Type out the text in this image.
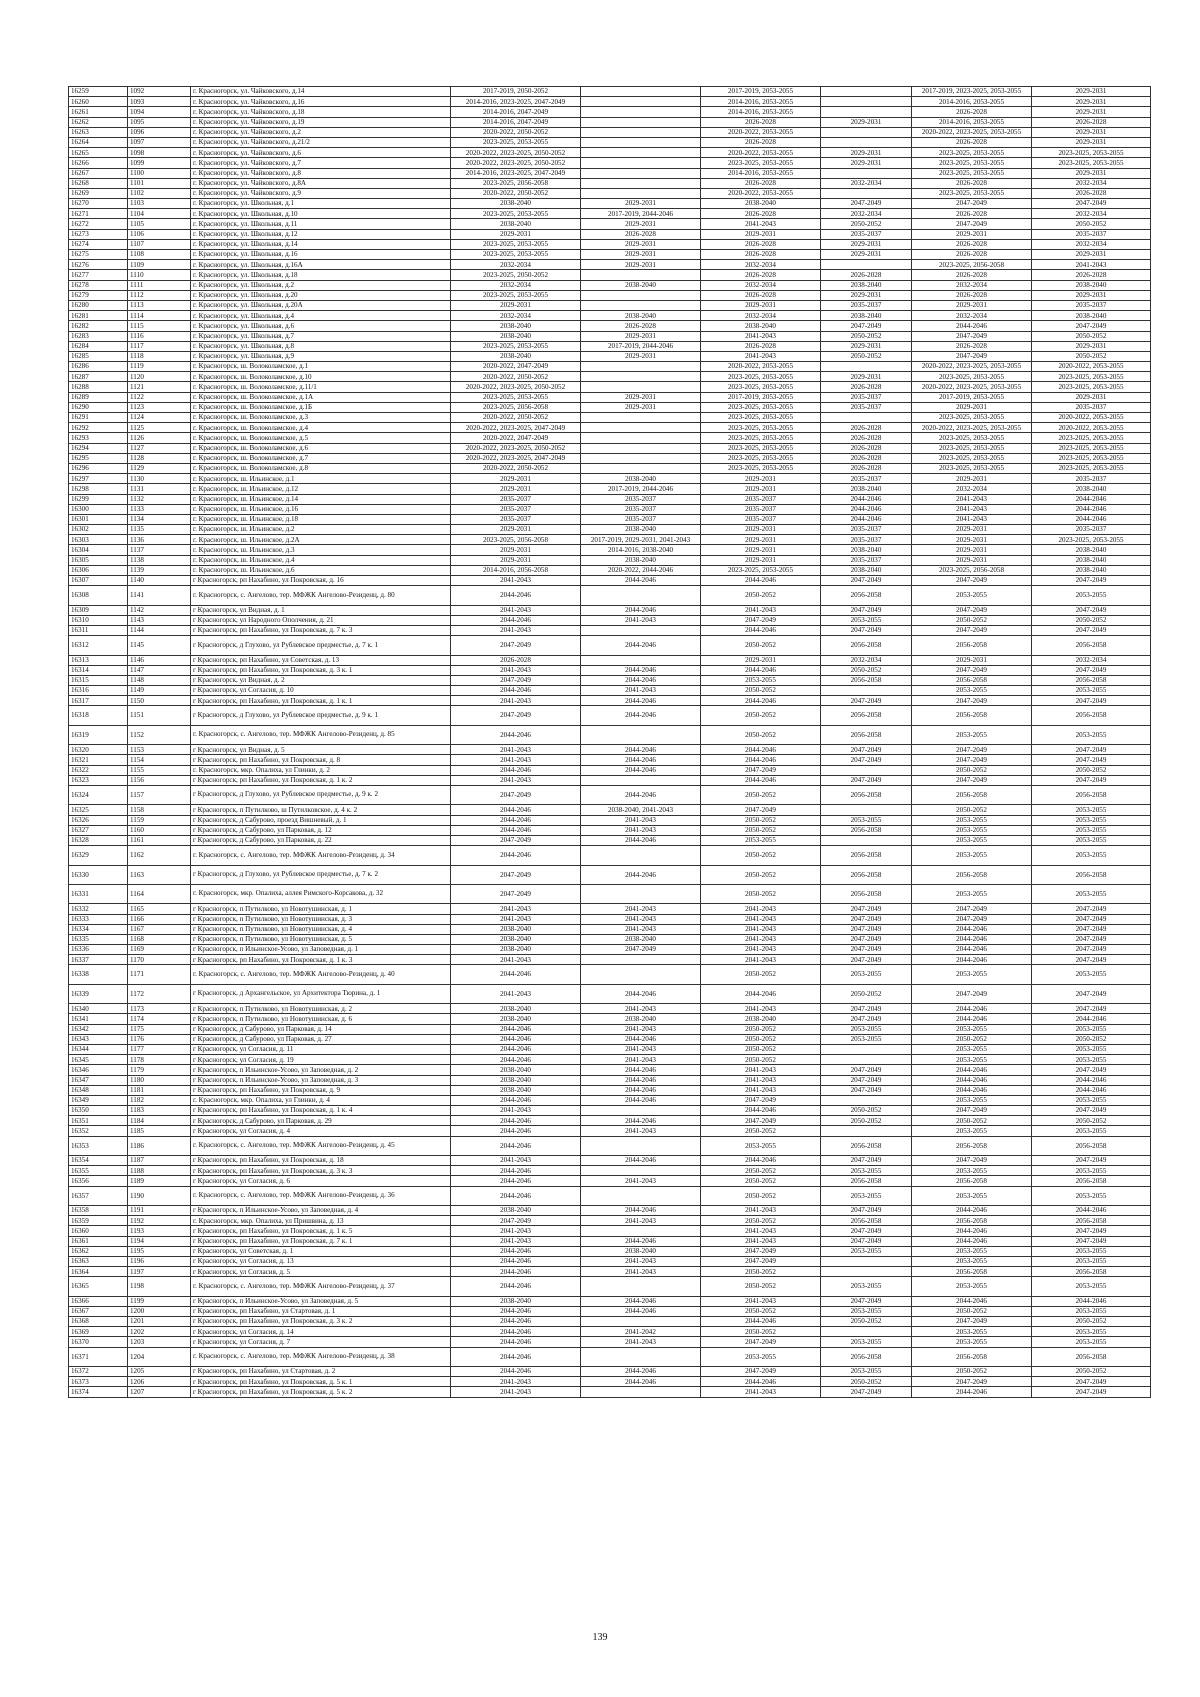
16259	1092	г. Красногорск, ул. Чайковского, д.14	2017-2019, 2050-2052		2017-2019, 2053-2055		2017-2019, 2023-2025, 2053-2055	2029-2031
16260	1093	г. Красногорск, ул. Чайковского, д.16	2014-2016, 2023-2025, 2047-2049		2014-2016, 2053-2055		2014-2016, 2053-2055	2029-2031
16261	1094	г. Красногорск, ул. Чайковского, д.18	2014-2016, 2047-2049		2014-2016, 2053-2055		2026-2028	2029-2031
16262	1095	г. Красногорск, ул. Чайковского, д.19	2014-2016, 2047-2049		2026-2028	2029-2031	2014-2016, 2053-2055	2026-2028
16263	1096	г. Красногорск, ул. Чайковского, д.2	2020-2022, 2050-2052		2020-2022, 2053-2055		2020-2022, 2023-2025, 2053-2055	2029-2031
16264	1097	г. Красногорск, ул. Чайковского, д.21/2	2023-2025, 2053-2055		2026-2028		2026-2028	2029-2031
16265	1098	г. Красногорск, ул. Чайковского, д.6	2020-2022, 2023-2025, 2050-2052		2020-2022, 2053-2055	2029-2031	2023-2025, 2053-2055	2023-2025, 2053-2055
16266	1099	г. Красногорск, ул. Чайковского, д.7	2020-2022, 2023-2025, 2050-2052		2023-2025, 2053-2055	2029-2031	2023-2025, 2053-2055	2023-2025, 2053-2055
16267	1100	г. Красногорск, ул. Чайковского, д.8	2014-2016, 2023-2025, 2047-2049		2014-2016, 2053-2055		2023-2025, 2053-2055	2029-2031
16268	1101	г. Красногорск, ул. Чайковского, д.8А	2023-2025, 2056-2058		2026-2028	2032-2034	2026-2028	2032-2034
16269	1102	г. Красногорск, ул. Чайковского, д.9	2020-2022, 2050-2052		2020-2022, 2053-2055		2023-2025, 2053-2055	2026-2028
16270	1103	г. Красногорск, ул. Школьная, д.1	2038-2040	2029-2031	2038-2040	2047-2049	2047-2049	2047-2049
16271	1104	г. Красногорск, ул. Школьная, д.10	2023-2025, 2053-2055	2017-2019, 2044-2046	2026-2028	2032-2034	2026-2028	2032-2034
16272	1105	г. Красногорск, ул. Школьная, д.11	2038-2040	2029-2031	2041-2043	2050-2052	2047-2049	2050-2052
16273	1106	г. Красногорск, ул. Школьная, д.12	2029-2031	2026-2028	2029-2031	2035-2037	2029-2031	2035-2037
16274	1107	г. Красногорск, ул. Школьная, д.14	2023-2025, 2053-2055	2029-2031	2026-2028	2029-2031	2026-2028	2032-2034
16275	1108	г. Красногорск, ул. Школьная, д.16	2023-2025, 2053-2055	2029-2031	2026-2028	2029-2031	2026-2028	2029-2031
16276	1109	г. Красногорск, ул. Школьная, д.16А	2032-2034	2029-2031	2032-2034		2023-2025, 2056-2058	2041-2043
16277	1110	г. Красногорск, ул. Школьная, д.18	2023-2025, 2050-2052		2026-2028	2026-2028	2026-2028	2026-2028
16278	1111	г. Красногорск, ул. Школьная, д.2	2032-2034	2038-2040	2032-2034	2038-2040	2032-2034	2038-2040
16279	1112	г. Красногорск, ул. Школьная, д.20	2023-2025, 2053-2055		2026-2028	2029-2031	2026-2028	2029-2031
16280	1113	г. Красногорск, ул. Школьная, д.20А	2029-2031		2029-2031	2035-2037	2029-2031	2035-2037
16281	1114	г. Красногорск, ул. Школьная, д.4	2032-2034	2038-2040	2032-2034	2038-2040	2032-2034	2038-2040
16282	1115	г. Красногорск, ул. Школьная, д.6	2038-2040	2026-2028	2038-2040	2047-2049	2044-2046	2047-2049
16283	1116	г. Красногорск, ул. Школьная, д.7	2038-2040	2029-2031	2041-2043	2050-2052	2047-2049	2050-2052
16284	1117	г. Красногорск, ул. Школьная, д.8	2023-2025, 2053-2055	2017-2019, 2044-2046	2026-2028	2029-2031	2026-2028	2029-2031
16285	1118	г. Красногорск, ул. Школьная, д.9	2038-2040	2029-2031	2041-2043	2050-2052	2047-2049	2050-2052
16286	1119	г. Красногорск, ш. Волоколамское, д.1	2020-2022, 2047-2049		2020-2022, 2053-2055		2020-2022, 2023-2025, 2053-2055	2020-2022, 2053-2055
16287	1120	г. Красногорск, ш. Волоколамское, д.10	2020-2022, 2050-2052		2023-2025, 2053-2055	2029-2031	2023-2025, 2053-2055	2023-2025, 2053-2055
16288	1121	г. Красногорск, ш. Волоколамское, д.11/1	2020-2022, 2023-2025, 2050-2052		2023-2025, 2053-2055	2026-2028	2020-2022, 2023-2025, 2053-2055	2023-2025, 2053-2055
16289	1122	г. Красногорск, ш. Волоколамское, д.1А	2023-2025, 2053-2055	2029-2031	2017-2019, 2053-2055	2035-2037	2017-2019, 2053-2055	2029-2031
16290	1123	г. Красногорск, ш. Волоколамское, д.1Б	2023-2025, 2056-2058	2029-2031	2023-2025, 2053-2055	2035-2037	2029-2031	2035-2037
16291	1124	г. Красногорск, ш. Волоколамское, д.3	2020-2022, 2050-2052		2023-2025, 2053-2055		2023-2025, 2053-2055	2020-2022, 2053-2055
16292	1125	г. Красногорск, ш. Волоколамское, д.4	2020-2022, 2023-2025, 2047-2049		2023-2025, 2053-2055	2026-2028	2020-2022, 2023-2025, 2053-2055	2020-2022, 2053-2055
16293	1126	г. Красногорск, ш. Волоколамское, д.5	2020-2022, 2047-2049		2023-2025, 2053-2055	2026-2028	2023-2025, 2053-2055	2023-2025, 2053-2055
16294	1127	г. Красногорск, ш. Волоколамское, д.6	2020-2022, 2023-2025, 2050-2052		2023-2025, 2053-2055	2026-2028	2023-2025, 2053-2055	2023-2025, 2053-2055
16295	1128	г. Красногорск, ш. Волоколамское, д.7	2020-2022, 2023-2025, 2047-2049		2023-2025, 2053-2055	2026-2028	2023-2025, 2053-2055	2023-2025, 2053-2055
16296	1129	г. Красногорск, ш. Волоколамское, д.8	2020-2022, 2050-2052		2023-2025, 2053-2055	2026-2028	2023-2025, 2053-2055	2023-2025, 2053-2055
16297	1130	г. Красногорск, ш. Ильинское, д.1	2029-2031	2038-2040	2029-2031	2035-2037	2029-2031	2035-2037
16298	1131	г. Красногорск, ш. Ильинское, д.12	2029-2031	2017-2019, 2044-2046	2029-2031	2038-2040	2032-2034	2038-2040
16299	1132	г. Красногорск, ш. Ильинское, д.14	2035-2037	2035-2037	2035-2037	2044-2046	2041-2043	2044-2046
16300	1133	г. Красногорск, ш. Ильинское, д.16	2035-2037	2035-2037	2035-2037	2044-2046	2041-2043	2044-2046
16301	1134	г. Красногорск, ш. Ильинское, д.18	2035-2037	2035-2037	2035-2037	2044-2046	2041-2043	2044-2046
16302	1135	г. Красногорск, ш. Ильинское, д.2	2029-2031	2038-2040	2029-2031	2035-2037	2029-2031	2035-2037
16303	1136	г. Красногорск, ш. Ильинское, д.2А	2023-2025, 2056-2058	2017-2019, 2029-2031, 2041-2043	2029-2031	2035-2037	2029-2031	2023-2025, 2053-2055
16304	1137	г. Красногорск, ш. Ильинское, д.3	2029-2031	2014-2016, 2038-2040	2029-2031	2038-2040	2029-2031	2038-2040
16305	1138	г. Красногорск, ш. Ильинское, д.4	2029-2031	2038-2040	2029-2031	2035-2037	2029-2031	2038-2040
16306	1139	г. Красногорск, ш. Ильинское, д.6	2014-2016, 2056-2058	2020-2022, 2044-2046	2023-2025, 2053-2055	2038-2040	2023-2025, 2056-2058	2038-2040
16307	1140	г Красногорск, рп Нахабино, ул Покровская, д. 16	2041-2043	2044-2046	2044-2046	2047-2049	2047-2049	2047-2049
16308	1141	г. Красногорск, с. Ангелово, тер. МФЖК Ангелово-Резиденц, д. 80	2044-2046		2050-2052	2056-2058	2053-2055	2053-2055
16309	1142	г Красногорск, ул Видная, д. 1	2041-2043	2044-2046	2041-2043	2047-2049	2047-2049	2047-2049
16310	1143	г Красногорск, ул Народного Ополчения, д. 21	2044-2046	2041-2043	2047-2049	2053-2055	2050-2052	2050-2052
16311	1144	г Красногорск, рп Нахабино, ул Покровская, д. 7 к. 3	2041-2043		2044-2046	2047-2049	2047-2049	2047-2049
16312	1145	г Красногорск, д Глухово, ул Рублевское предместье, д. 7 к. 1	2047-2049	2044-2046	2050-2052	2056-2058	2056-2058	2056-2058
16313	1146	г Красногорск, рп Нахабино, ул Советская, д. 13	2026-2028		2029-2031	2032-2034	2029-2031	2032-2034
16314	1147	г Красногорск, рп Нахабино, ул Покровская, д. 3 к. 1	2041-2043	2044-2046	2044-2046	2050-2052	2047-2049	2047-2049
16315	1148	г Красногорск, ул Видная, д. 2	2047-2049	2044-2046	2053-2055	2056-2058	2056-2058	2056-2058
16316	1149	г Красногорск, ул Согласия, д. 10	2044-2046	2041-2043	2050-2052		2053-2055	2053-2055
16317	1150	г Красногорск, рп Нахабино, ул Покровская, д. 1 к. 1	2041-2043	2044-2046	2044-2046	2047-2049	2047-2049	2047-2049
16318	1151	г Красногорск, д Глухово, ул Рублевское предместье, д. 9 к. 1	2047-2049	2044-2046	2050-2052	2056-2058	2056-2058	2056-2058
16319	1152	г. Красногорск, с. Ангелово, тер. МФЖК Ангелово-Резиденц, д. 85	2044-2046		2050-2052	2056-2058	2053-2055	2053-2055
16320	1153	г Красногорск, ул Видная, д. 5	2041-2043	2044-2046	2044-2046	2047-2049	2047-2049	2047-2049
16321	1154	г Красногорск, рп Нахабино, ул Покровская, д. 8	2041-2043	2044-2046	2044-2046	2047-2049	2047-2049	2047-2049
16322	1155	г. Красногорск, мкр. Опалиха, ул Глинки, д. 2	2044-2046	2044-2046	2047-2049		2050-2052	2050-2052
16323	1156	г Красногорск, рп Нахабино, ул Покровская, д. 1 к. 2	2041-2043		2044-2046	2047-2049	2047-2049	2047-2049
16324	1157	г Красногорск, д Глухово, ул Рублевское предместье, д. 9 к. 2	2047-2049	2044-2046	2050-2052	2056-2058	2056-2058	2056-2058
16325	1158	г Красногорск, п Путилково, ш Путилковское, д. 4 к. 2	2044-2046	2038-2040, 2041-2043	2047-2049		2050-2052	2053-2055
16326	1159	г Красногорск, д Сабурово, проезд Вишневый, д. 1	2044-2046	2041-2043	2050-2052	2053-2055	2053-2055	2053-2055
16327	1160	г Красногорск, д Сабурово, ул Парковая, д. 12	2044-2046	2041-2043	2050-2052	2056-2058	2053-2055	2053-2055
16328	1161	г Красногорск, д Сабурово, ул Парковая, д. 22	2047-2049	2044-2046	2053-2055		2053-2055	2053-2055
16329	1162	г. Красногорск, с. Ангелово, тер. МФЖК Ангелово-Резиденц, д. 34	2044-2046		2050-2052	2056-2058	2053-2055	2053-2055
16330	1163	г Красногорск, д Глухово, ул Рублевское предместье, д. 7 к. 2	2047-2049	2044-2046	2050-2052	2056-2058	2056-2058	2056-2058
16331	1164	г. Красногорск, мкр. Опалиха, аллея Римского-Корсакова, д. 32	2047-2049		2050-2052	2056-2058	2053-2055	2053-2055
16332	1165	г Красногорск, п Путилково, ул Новотушинская, д. 1	2041-2043	2041-2043	2041-2043	2047-2049	2047-2049	2047-2049
16333	1166	г Красногорск, п Путилково, ул Новотушинская, д. 3	2041-2043	2041-2043	2041-2043	2047-2049	2047-2049	2047-2049
16334	1167	г Красногорск, п Путилково, ул Новотушинская, д. 4	2038-2040	2041-2043	2041-2043	2047-2049	2044-2046	2047-2049
16335	1168	г Красногорск, п Путилково, ул Новотушинская, д. 5	2038-2040	2038-2040	2041-2043	2047-2049	2044-2046	2047-2049
16336	1169	г Красногорск, п Ильинское-Усово, ул Заповедная, д. 1	2038-2040	2047-2049	2041-2043	2047-2049	2044-2046	2047-2049
16337	1170	г Красногорск, рп Нахабино, ул Покровская, д. 1 к. 3	2041-2043		2041-2043	2047-2049	2044-2046	2047-2049
16338	1171	г. Красногорск, с. Ангелово, тер. МФЖК Ангелово-Резиденц, д. 40	2044-2046		2050-2052	2053-2055	2053-2055	2053-2055
16339	1172	г Красногорск, д Архангельское, ул Архитектора Тюрина, д. 1	2041-2043	2044-2046	2044-2046	2050-2052	2047-2049	2047-2049
16340	1173	г Красногорск, п Путилково, ул Новотушинская, д. 2	2038-2040	2041-2043	2041-2043	2047-2049	2044-2046	2047-2049
16341	1174	г Красногорск, п Путилково, ул Новотушинская, д. 6	2038-2040	2038-2040	2038-2040	2047-2049	2044-2046	2044-2046
16342	1175	г Красногорск, д Сабурово, ул Парковая, д. 14	2044-2046	2041-2043	2050-2052	2053-2055	2053-2055	2053-2055
16343	1176	г Красногорск, д Сабурово, ул Парковая, д. 27	2044-2046	2044-2046	2050-2052	2053-2055	2050-2052	2050-2052
16344	1177	г Красногорск, ул Согласия, д. 11	2044-2046	2041-2043	2050-2052		2053-2055	2053-2055
16345	1178	г Красногорск, ул Согласия, д. 19	2044-2046	2041-2043	2050-2052		2053-2055	2053-2055
16346	1179	г Красногорск, п Ильинское-Усово, ул Заповедная, д. 2	2038-2040	2044-2046	2041-2043	2047-2049	2044-2046	2047-2049
16347	1180	г Красногорск, п Ильинское-Усово, ул Заповедная, д. 3	2038-2040	2044-2046	2041-2043	2047-2049	2044-2046	2044-2046
16348	1181	г Красногорск, рп Нахабино, ул Покровская, д. 9	2038-2040	2044-2046	2041-2043	2047-2049	2044-2046	2044-2046
16349	1182	г. Красногорск, мкр. Опалиха, ул Глинки, д. 4	2044-2046	2044-2046	2047-2049		2053-2055	2053-2055
16350	1183	г Красногорск, рп Нахабино, ул Покровская, д. 1 к. 4	2041-2043		2044-2046	2050-2052	2047-2049	2047-2049
16351	1184	г Красногорск, д Сабурово, ул Парковая, д. 29	2044-2046	2044-2046	2047-2049	2050-2052	2050-2052	2050-2052
16352	1185	г Красногорск, ул Согласия, д. 4	2044-2046	2041-2043	2050-2052		2053-2055	2053-2055
16353	1186	г. Красногорск, с. Ангелово, тер. МФЖК Ангелово-Резиденц, д. 45	2044-2046		2053-2055	2056-2058	2056-2058	2056-2058
16354	1187	г Красногорск, рп Нахабино, ул Покровская, д. 18	2041-2043	2044-2046	2044-2046	2047-2049	2047-2049	2047-2049
16355	1188	г Красногорск, рп Нахабино, ул Покровская, д. 3 к. 3	2044-2046		2050-2052	2053-2055	2053-2055	2053-2055
16356	1189	г Красногорск, ул Согласия, д. 6	2044-2046	2041-2043	2050-2052	2056-2058	2056-2058	2056-2058
16357	1190	г. Красногорск, с. Ангелово, тер. МФЖК Ангелово-Резиденц, д. 36	2044-2046		2050-2052	2053-2055	2053-2055	2053-2055
16358	1191	г Красногорск, п Ильинское-Усово, ул Заповедная, д. 4	2038-2040	2044-2046	2041-2043	2047-2049	2044-2046	2044-2046
16359	1192	г. Красногорск, мкр. Опалиха, ул Пришвина, д. 13	2047-2049	2041-2043	2050-2052	2056-2058	2056-2058	2056-2058
16360	1193	г Красногорск, рп Нахабино, ул Покровская, д. 1 к. 5	2041-2043		2041-2043	2047-2049	2044-2046	2047-2049
16361	1194	г Красногорск, рп Нахабино, ул Покровская, д. 7 к. 1	2041-2043	2044-2046	2041-2043	2047-2049	2044-2046	2047-2049
16362	1195	г Красногорск, ул Советская, д. 1	2044-2046	2038-2040	2047-2049	2053-2055	2053-2055	2053-2055
16363	1196	г Красногорск, ул Согласия, д. 13	2044-2046	2041-2043	2047-2049		2053-2055	2053-2055
16364	1197	г Красногорск, ул Согласия, д. 5	2044-2046	2041-2043	2050-2052		2056-2058	2056-2058
16365	1198	г. Красногорск, с. Ангелово, тер. МФЖК Ангелово-Резиденц, д. 37	2044-2046		2050-2052	2053-2055	2053-2055	2053-2055
16366	1199	г Красногорск, п Ильинское-Усово, ул Заповедная, д. 5	2038-2040	2044-2046	2041-2043	2047-2049	2044-2046	2044-2046
16367	1200	г Красногорск, рп Нахабино, ул Стартовая, д. 1	2044-2046	2044-2046	2050-2052	2053-2055	2050-2052	2053-2055
16368	1201	г Красногорск, рп Нахабино, ул Покровская, д. 3 к. 2	2044-2046		2044-2046	2050-2052	2047-2049	2050-2052
16369	1202	г Красногорск, ул Согласия, д. 14	2044-2046	2041-2042	2050-2052		2053-2055	2053-2055
16370	1203	г Красногорск, ул Согласия, д. 7	2044-2046	2041-2043	2047-2049	2053-2055	2053-2055	2053-2055
16371	1204	г. Красногорск, с. Ангелово, тер. МФЖК Ангелово-Резиденц, д. 38	2044-2046		2053-2055	2056-2058	2056-2058	2056-2058
16372	1205	г Красногорск, рп Нахабино, ул Стартовая, д. 2	2044-2046	2044-2046	2047-2049	2053-2055	2050-2052	2050-2052
16373	1206	г Красногорск, рп Нахабино, ул Покровская, д. 5 к. 1	2041-2043	2044-2046	2044-2046	2050-2052	2047-2049	2047-2049
16374	1207	г Красногорск, рп Нахабино, ул Покровская, д. 5 к. 2	2041-2043		2041-2043	2047-2049	2044-2046	2047-2049
139
